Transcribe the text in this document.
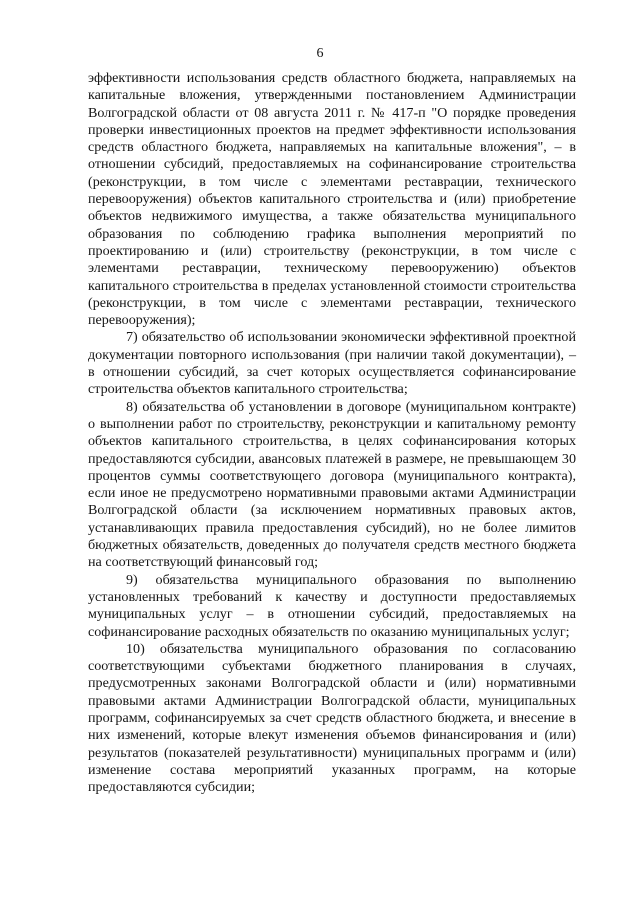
6

эффективности использования средств областного бюджета, направляемых на капитальные вложения, утвержденными постановлением Администрации Волгоградской области от 08 августа 2011 г. № 417-п "О порядке проведения проверки инвестиционных проектов на предмет эффективности использования средств областного бюджета, направляемых на капитальные вложения", – в отношении субсидий, предоставляемых на софинансирование строительства (реконструкции, в том числе с элементами реставрации, технического перевооружения) объектов капитального строительства и (или) приобретение объектов недвижимого имущества, а также обязательства муниципального образования по соблюдению графика выполнения мероприятий по проектированию и (или) строительству (реконструкции, в том числе с элементами реставрации, техническому перевооружению) объектов капитального строительства в пределах установленной стоимости строительства (реконструкции, в том числе с элементами реставрации, технического перевооружения);

7) обязательство об использовании экономически эффективной проектной документации повторного использования (при наличии такой документации), – в отношении субсидий, за счет которых осуществляется софинансирование строительства объектов капитального строительства;

8) обязательства об установлении в договоре (муниципальном контракте) о выполнении работ по строительству, реконструкции и капитальному ремонту объектов капитального строительства, в целях софинансирования которых предоставляются субсидии, авансовых платежей в размере, не превышающем 30 процентов суммы соответствующего договора (муниципального контракта), если иное не предусмотрено нормативными правовыми актами Администрации Волгоградской области (за исключением нормативных правовых актов, устанавливающих правила предоставления субсидий), но не более лимитов бюджетных обязательств, доведенных до получателя средств местного бюджета на соответствующий финансовый год;

9) обязательства муниципального образования по выполнению установленных требований к качеству и доступности предоставляемых муниципальных услуг – в отношении субсидий, предоставляемых на софинансирование расходных обязательств по оказанию муниципальных услуг;

10) обязательства муниципального образования по согласованию соответствующими субъектами бюджетного планирования в случаях, предусмотренных законами Волгоградской области и (или) нормативными правовыми актами Администрации Волгоградской области, муниципальных программ, софинансируемых за счет средств областного бюджета, и внесение в них изменений, которые влекут изменения объемов финансирования и (или) результатов (показателей результативности) муниципальных программ и (или) изменение состава мероприятий указанных программ, на которые предоставляются субсидии;
